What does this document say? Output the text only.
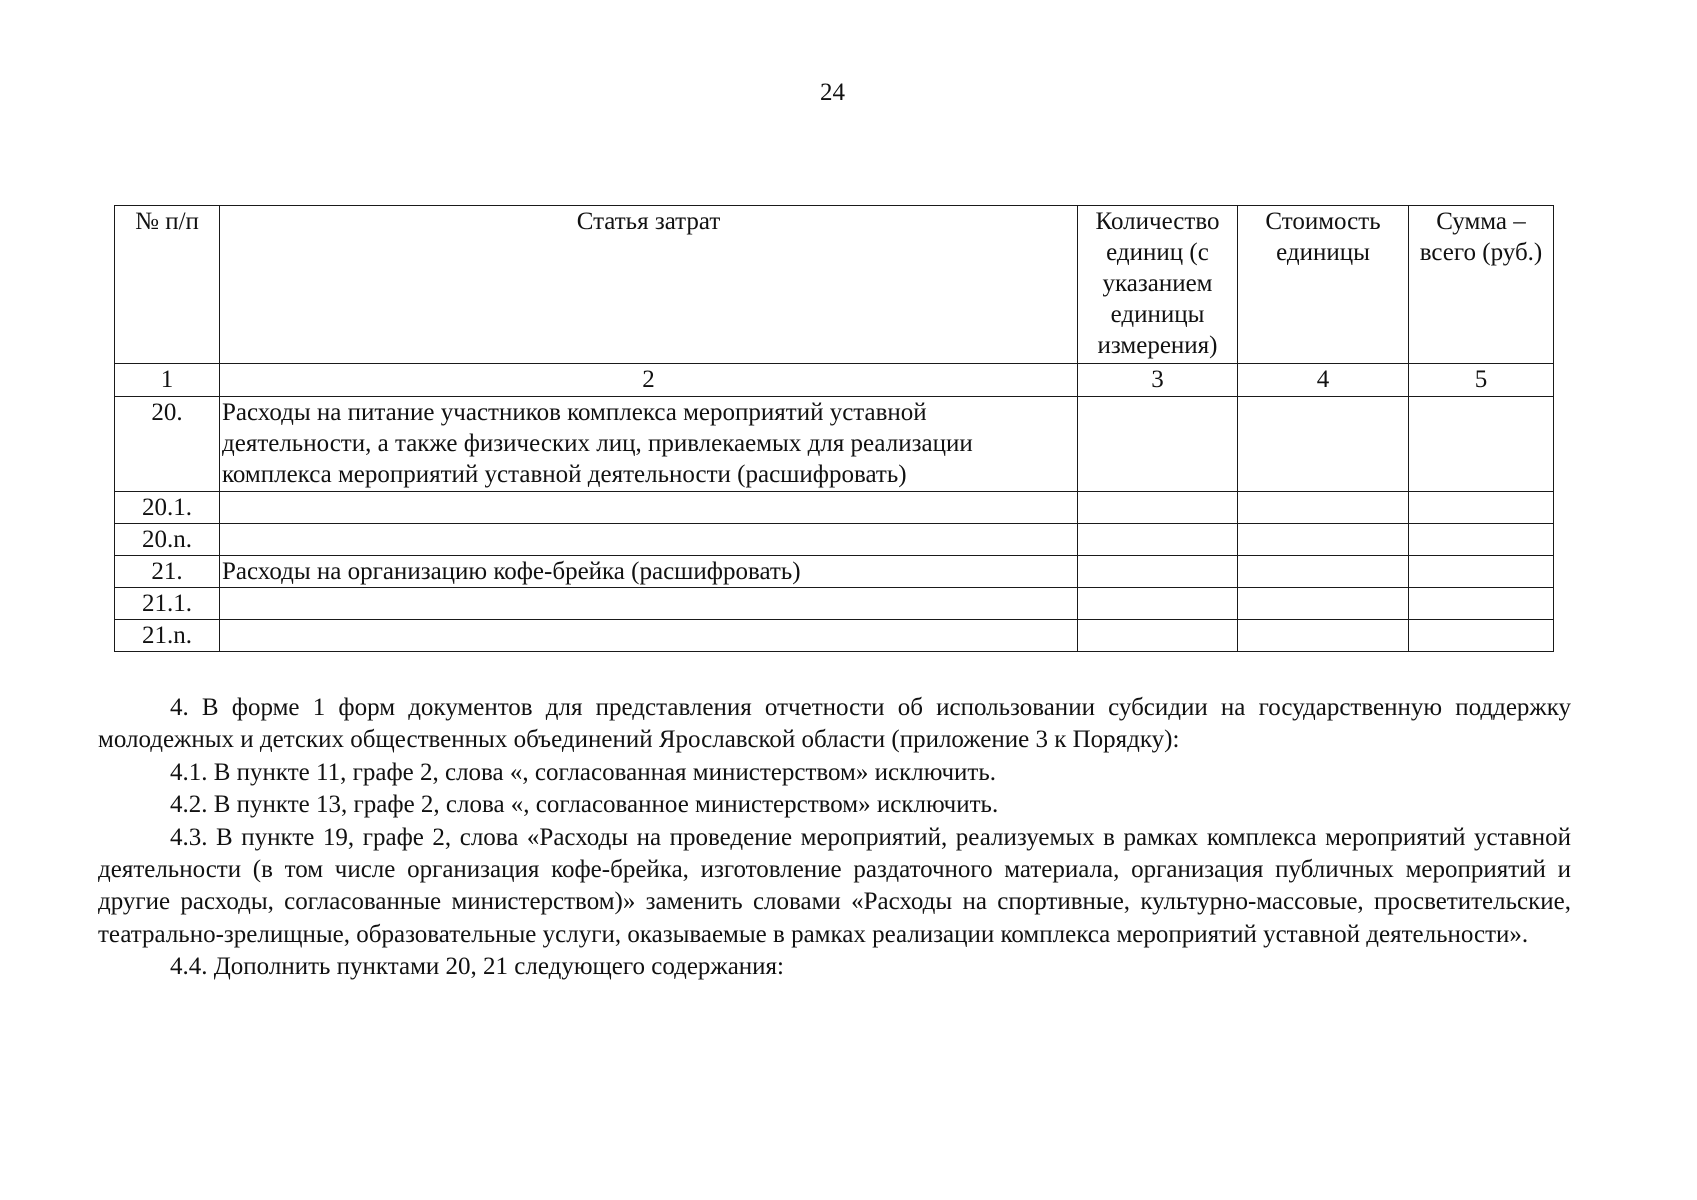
24
№ п/п	Статья затрат	Количество единиц (с указанием единицы измерения)	Стоимость единицы	Сумма – всего (руб.)
1	2	3	4	5
20.	Расходы на питание участников комплекса мероприятий уставной деятельности, а также физических лиц, привлекаемых для реализации комплекса мероприятий уставной деятельности (расшифровать)			
20.1.				
20.n.				
21.	Расходы на организацию кофе-брейка (расшифровать)			
21.1.				
21.n.				

4. В форме 1 форм документов для представления отчетности об использовании субсидии на государственную поддержку молодежных и детских общественных объединений Ярославской области (приложение 3 к Порядку):

4.1. В пункте 11, графе 2, слова «, согласованная министерством» исключить.

4.2. В пункте 13, графе 2, слова «, согласованное министерством» исключить.

4.3. В пункте 19, графе 2, слова «Расходы на проведение мероприятий, реализуемых в рамках комплекса мероприятий уставной деятельности (в том числе организация кофе-брейка, изготовление раздаточного материала, организация публичных мероприятий и другие расходы, согласованные министерством)» заменить словами «Расходы на спортивные, культурно-массовые, просветительские, театрально-зрелищные, образовательные услуги, оказываемые в рамках реализации комплекса мероприятий уставной деятельности».

4.4. Дополнить пунктами 20, 21 следующего содержания:
